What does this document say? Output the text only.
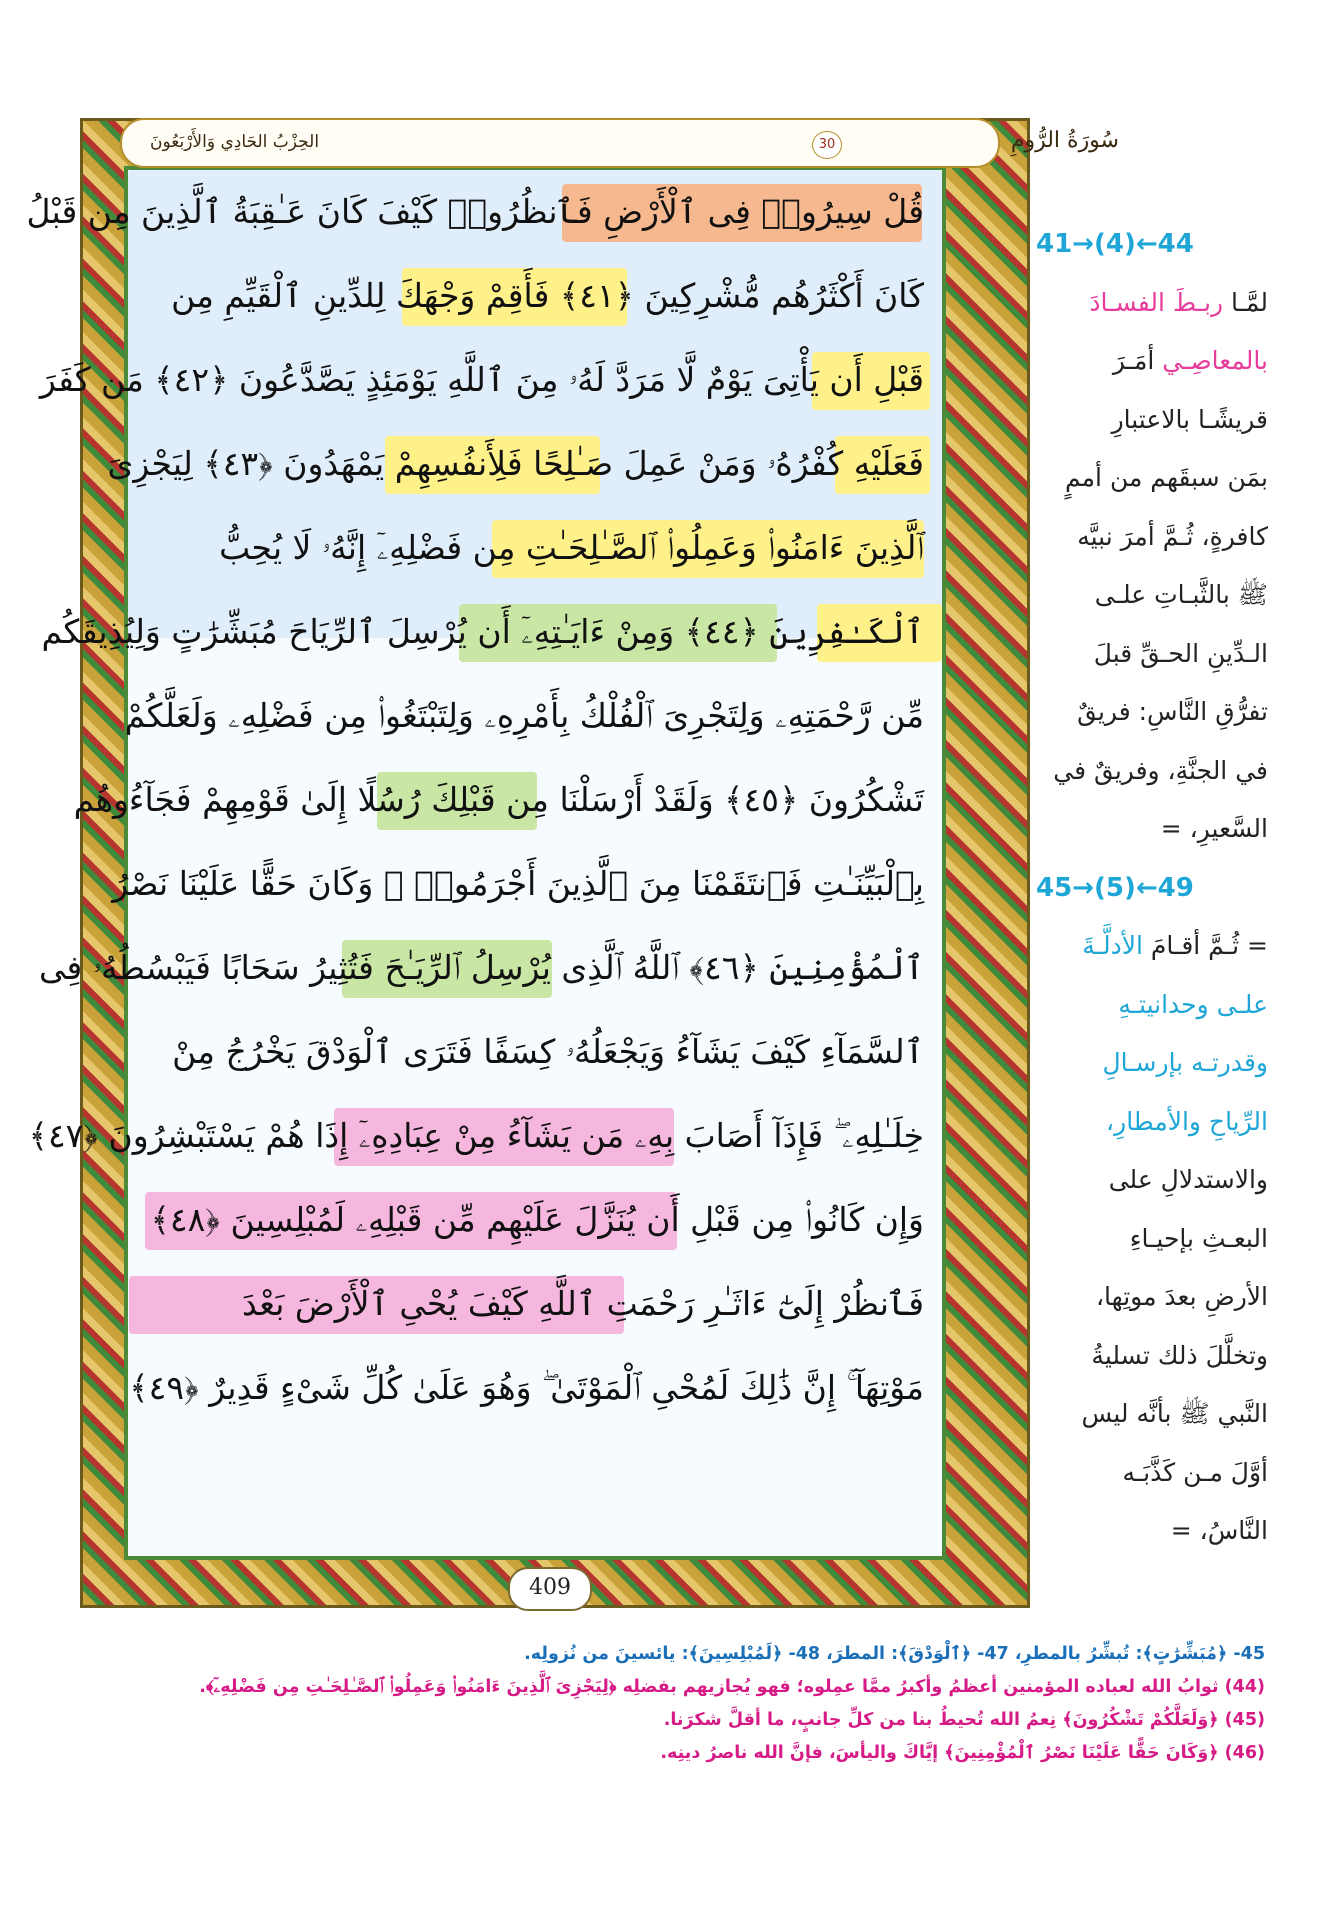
سُورَةُ الرُّومِ
30
الحِزْبُ الحَادِي وَالأَرْبَعُونَ
قُلْ سِيرُوا۟ فِى ٱلْأَرْضِ فَٱنظُرُوا۟ كَيْفَ كَانَ عَـٰقِبَةُ ٱلَّذِينَ مِن قَبْلُ
كَانَ أَكْثَرُهُم مُّشْرِكِينَ ﴿٤١﴾ فَأَقِمْ وَجْهَكَ لِلدِّينِ ٱلْقَيِّمِ مِن
قَبْلِ أَن يَأْتِىَ يَوْمٌ لَّا مَرَدَّ لَهُۥ مِنَ ٱللَّهِ يَوْمَئِذٍ يَصَّدَّعُونَ ﴿٤٢﴾ مَن كَفَرَ
فَعَلَيْهِ كُفْرُهُۥ وَمَنْ عَمِلَ صَـٰلِحًا فَلِأَنفُسِهِمْ يَمْهَدُونَ ﴿٤٣﴾ لِيَجْزِىَ
ٱلَّذِينَ ءَامَنُوا۟ وَعَمِلُوا۟ ٱلصَّـٰلِحَـٰتِ مِن فَضْلِهِۦٓ إِنَّهُۥ لَا يُحِبُّ
ٱلْكَـٰفِرِينَ ﴿٤٤﴾ وَمِنْ ءَايَـٰتِهِۦٓ أَن يُرْسِلَ ٱلرِّيَاحَ مُبَشِّرَٰتٍ وَلِيُذِيقَكُم
مِّن رَّحْمَتِهِۦ وَلِتَجْرِىَ ٱلْفُلْكُ بِأَمْرِهِۦ وَلِتَبْتَغُوا۟ مِن فَضْلِهِۦ وَلَعَلَّكُمْ
تَشْكُرُونَ ﴿٤٥﴾ وَلَقَدْ أَرْسَلْنَا مِن قَبْلِكَ رُسُلًا إِلَىٰ قَوْمِهِمْ فَجَآءُوهُم
بِٱلْبَيِّنَـٰتِ فَٱنتَقَمْنَا مِنَ ٱلَّذِينَ أَجْرَمُوا۟ ۖ وَكَانَ حَقًّا عَلَيْنَا نَصْرُ
ٱلْمُؤْمِنِينَ ﴿٤٦﴾ ٱللَّهُ ٱلَّذِى يُرْسِلُ ٱلرِّيَـٰحَ فَتُثِيرُ سَحَابًا فَيَبْسُطُهُۥ فِى
ٱلسَّمَآءِ كَيْفَ يَشَآءُ وَيَجْعَلُهُۥ كِسَفًا فَتَرَى ٱلْوَدْقَ يَخْرُجُ مِنْ
خِلَـٰلِهِۦ ۖ فَإِذَآ أَصَابَ بِهِۦ مَن يَشَآءُ مِنْ عِبَادِهِۦٓ إِذَا هُمْ يَسْتَبْشِرُونَ ﴿٤٧﴾
وَإِن كَانُوا۟ مِن قَبْلِ أَن يُنَزَّلَ عَلَيْهِم مِّن قَبْلِهِۦ لَمُبْلِسِينَ ﴿٤٨﴾
فَٱنظُرْ إِلَىٰٓ ءَاثَـٰرِ رَحْمَتِ ٱللَّهِ كَيْفَ يُحْىِ ٱلْأَرْضَ بَعْدَ
مَوْتِهَآ ۚ إِنَّ ذَٰلِكَ لَمُحْىِ ٱلْمَوْتَىٰ ۖ وَهُوَ عَلَىٰ كُلِّ شَىْءٍ قَدِيرٌ ﴿٤٩﴾
409
41→(4)←44
لمَّـا ربـطَ الفسـادَ
بالمعاصِـي أمَـرَ
قريشًـا بالاعتبارِ
بمَن سبقَهم من أممٍ
كافرةٍ، ثُـمَّ أمرَ نبيَّه
ﷺ بالثَّبـاتِ علـى
الـدِّينِ الحـقِّ قبلَ
تفرُّقِ النَّاسِ: فريقٌ
في الجنَّةِ، وفريقٌ في
السَّعيرِ، =
45→(5)←49
= ثُـمَّ أقـامَ الأدلَّـةَ
علـى وحدانيتـهِ
وقدرتـه بإرسـالِ
الرِّياحِ والأمطارِ،
والاستدلالِ على
البعـثِ بإحيـاءِ
الأرضِ بعدَ موتِها،
وتخلَّلَ ذلك تسليةُ
النَّبي ﷺ بأنَّه ليس
أوَّلَ مـن كَذَّبَـه
النَّاسُ، =
45- ﴿مُبَشِّرَٰتٍ﴾: تُبشِّرُ بالمطرِ، 47- ﴿ٱلْوَدْقَ﴾: المطرَ، 48- ﴿لَمُبْلِسِينَ﴾: يائسينَ من نُزولِه.
(44) ثوابُ الله لعباده المؤمنين أعظمُ وأكبرُ ممَّا عمِلوه؛ فهو يُجازيهم بفضلِه ﴿لِيَجْزِىَ ٱلَّذِينَ ءَامَنُوا۟ وَعَمِلُوا۟ ٱلصَّـٰلِحَـٰتِ مِن فَضْلِهِۦٓ﴾.
(45) ﴿وَلَعَلَّكُمْ تَشْكُرُونَ﴾ نِعمُ الله تُحيطُ بنا من كلِّ جانبٍ، ما أقلَّ شكرَنا.
(46) ﴿وَكَانَ حَقًّا عَلَيْنَا نَصْرُ ٱلْمُؤْمِنِينَ﴾ إيَّاكَ واليأسَ، فإنَّ الله ناصرُ دينِه.
